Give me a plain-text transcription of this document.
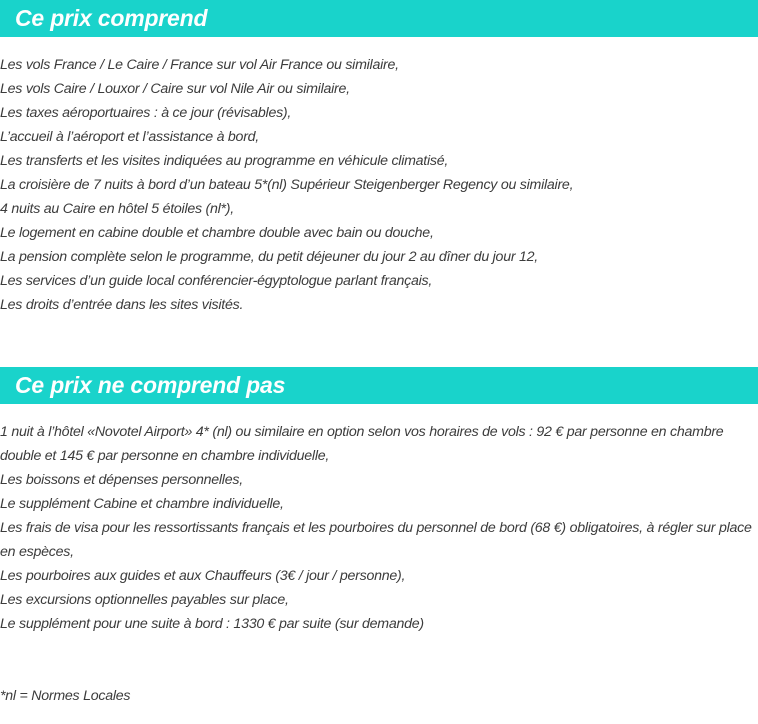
Ce prix comprend
Les vols France / Le Caire / France sur vol Air France ou similaire,
Les vols Caire / Louxor / Caire sur vol Nile Air ou similaire,
Les taxes aéroportuaires : à ce jour (révisables),
L’accueil à l’aéroport et l’assistance à bord,
Les transferts et les visites indiquées au programme en véhicule climatisé,
La croisière de 7 nuits à bord d’un bateau 5*(nl) Supérieur Steigenberger Regency ou similaire,
4 nuits au Caire en hôtel 5 étoiles (nl*),
Le logement en cabine double et chambre double avec bain ou douche,
La pension complète selon le programme, du petit déjeuner du jour 2 au dîner du jour 12,
Les services d’un guide local conférencier-égyptologue parlant français,
Les droits d’entrée dans les sites visités.
Ce prix ne comprend pas
1 nuit à l’hôtel «Novotel Airport» 4* (nl) ou similaire en option selon vos horaires de vols : 92 € par personne en chambre double et 145 € par personne en chambre individuelle,
Les boissons et dépenses personnelles,
Le supplément Cabine et chambre individuelle,
Les frais de visa pour les ressortissants français et les pourboires du personnel de bord (68 €) obligatoires, à régler sur place en espèces,
Les pourboires aux guides et aux Chauffeurs (3€ / jour / personne),
Les excursions optionnelles payables sur place,
Le supplément pour une suite à bord : 1330 € par suite (sur demande)

*nl = Normes Locales
